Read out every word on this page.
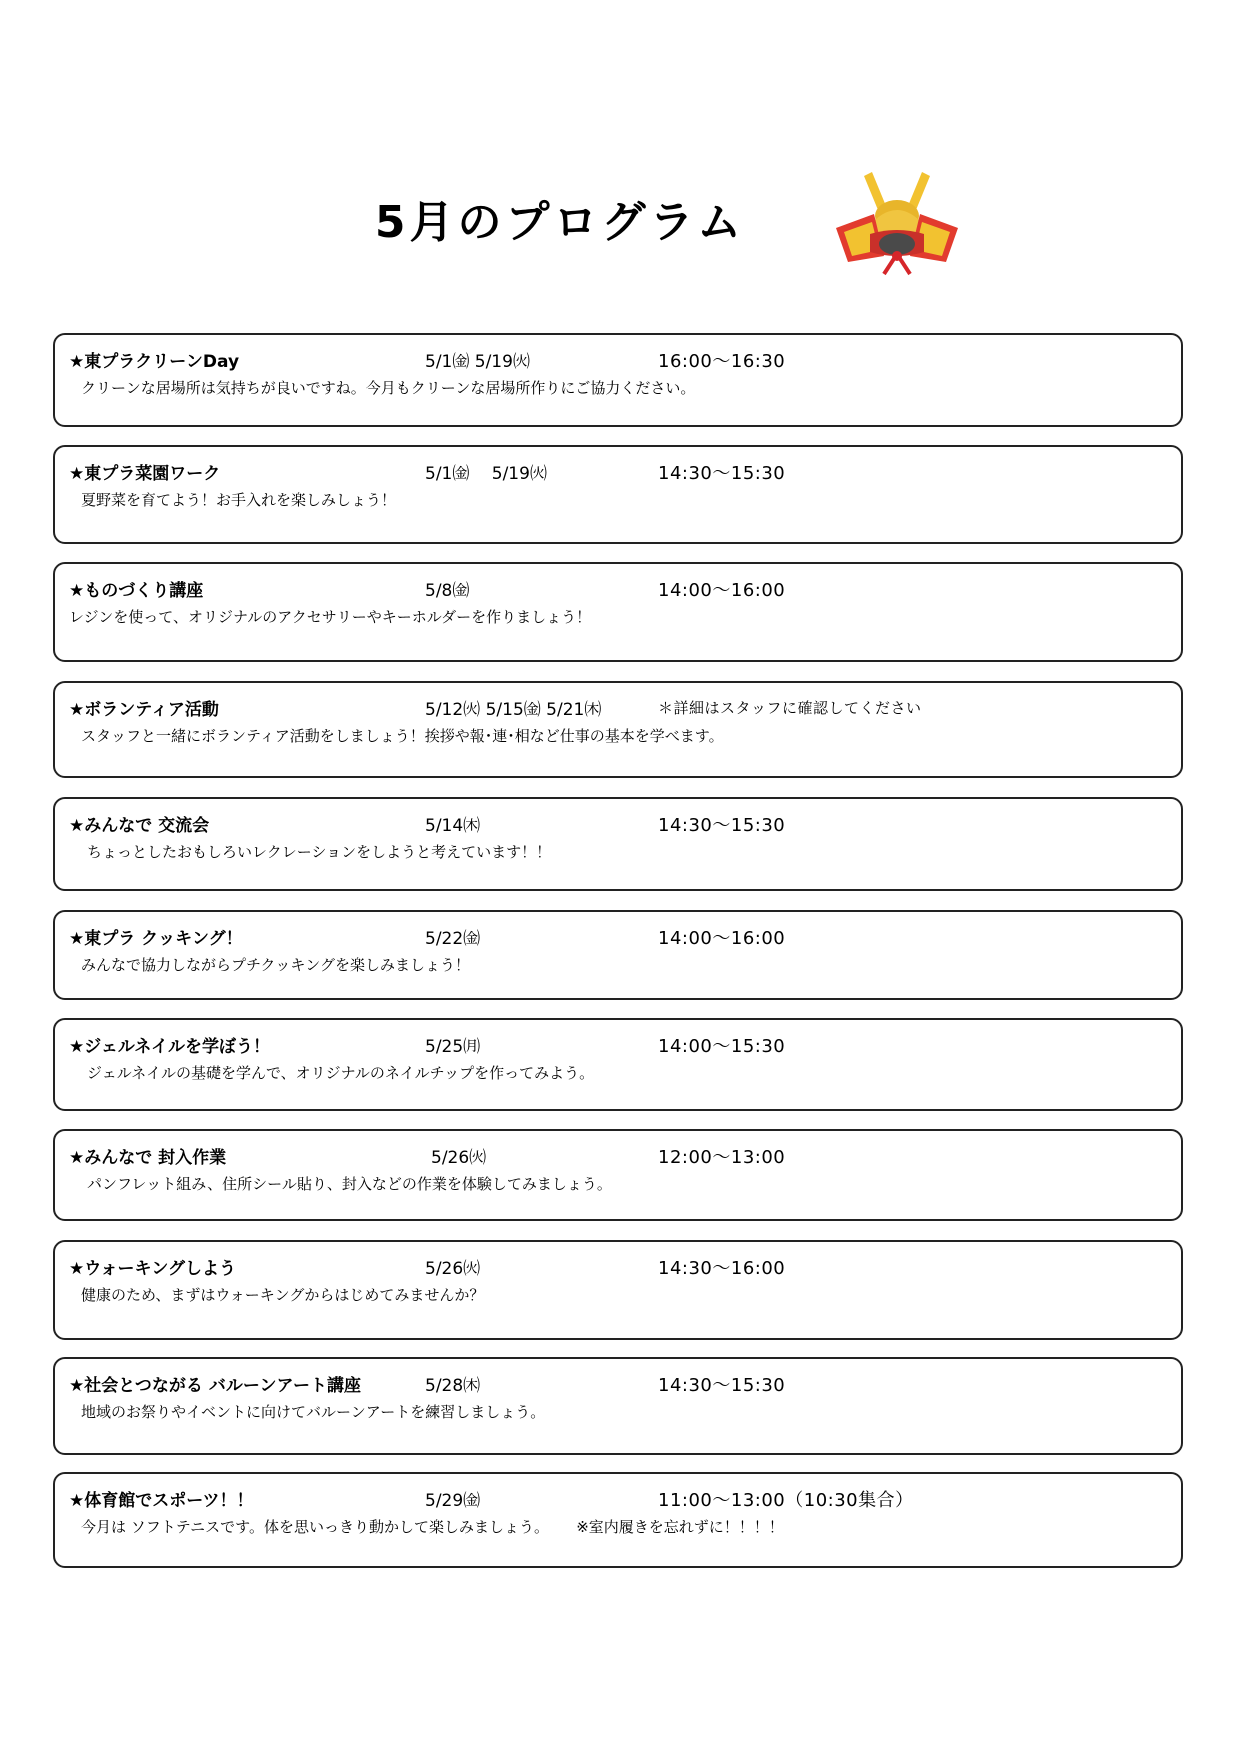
5月のプログラム
★東プラクリーンDay	5/1㈮ 5/19㈫	16:00〜16:30
クリーンな居場所は気持ちが良いですね。今月もクリーンな居場所作りにご協力ください。
★東プラ菜園ワーク	5/1㈮　 5/19㈫	14:30〜15:30
夏野菜を育てよう！お手入れを楽しみしょう！
★ものづくり講座	5/8㈮	14:00〜16:00
レジンを使って、オリジナルのアクセサリーやキーホルダーを作りましょう！
★ボランティア活動	5/12㈫ 5/15㈮ 5/21㈭	＊詳細はスタッフに確認してください
スタッフと一緒にボランティア活動をしましょう！挨拶や報･連･相など仕事の基本を学べます。
★みんなで 交流会	5/14㈭	14:30〜15:30
ちょっとしたおもしろいレクレーションをしようと考えています！！
★東プラ クッキング！	5/22㈮	14:00〜16:00
みんなで協力しながらプチクッキングを楽しみましょう！
★ジェルネイルを学ぼう！	5/25㈪	14:00〜15:30
ジェルネイルの基礎を学んで、オリジナルのネイルチップを作ってみよう。
★みんなで 封入作業	5/26㈫	12:00〜13:00
パンフレット組み、住所シール貼り、封入などの作業を体験してみましょう。
★ウォーキングしよう	5/26㈫	14:30〜16:00
健康のため、まずはウォーキングからはじめてみませんか？
★社会とつながる バルーンアート講座	5/28㈭	14:30〜15:30
地域のお祭りやイベントに向けてバルーンアートを練習しましょう。
★体育館でスポーツ！！	5/29㈮	11:00〜13:00（10:30集合）
今月は ソフトテニスです。体を思いっきり動かして楽しみましょう。　　 ※室内履きを忘れずに！！！！
